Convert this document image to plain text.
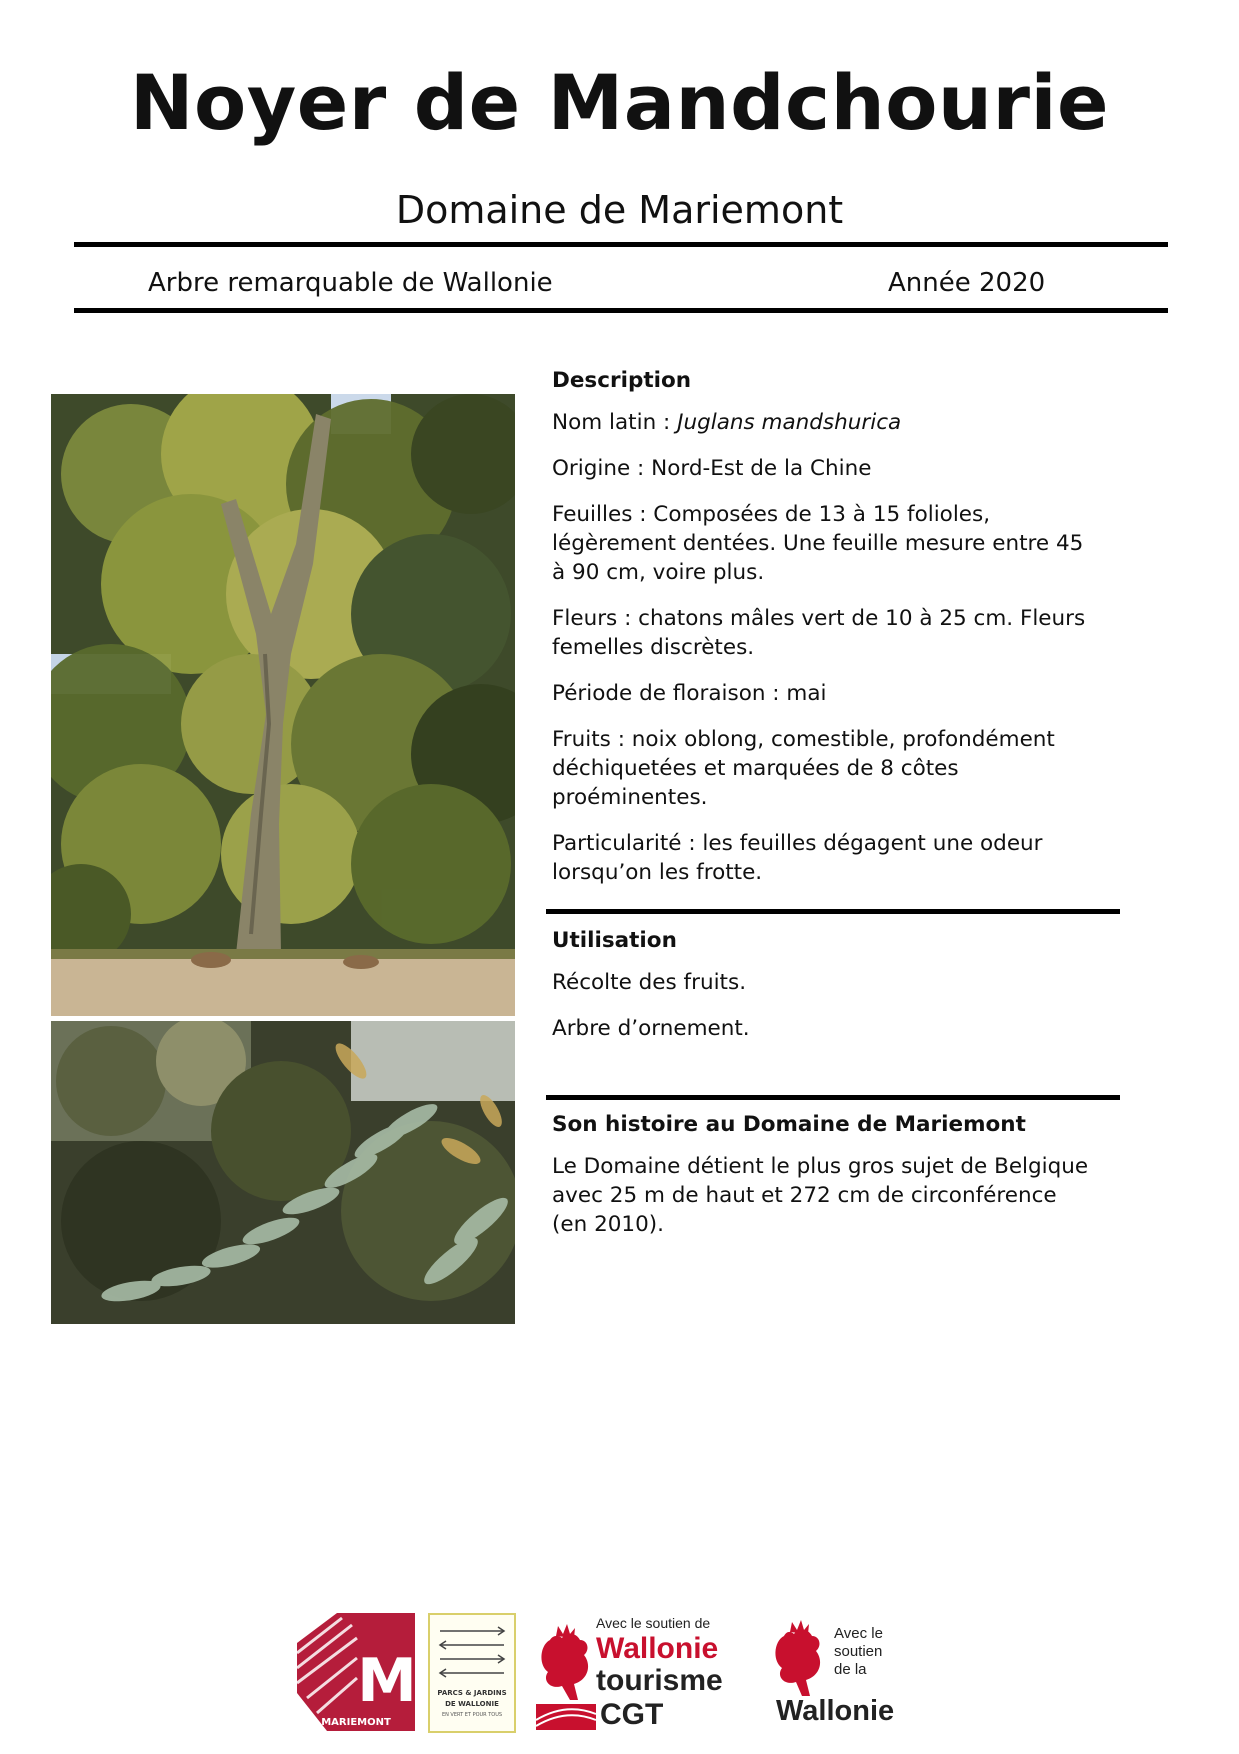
Noyer de Mandchourie
Domaine de Mariemont
Arbre remarquable de Wallonie	Année 2020
Description

Nom latin : Juglans mandshurica

Origine : Nord-Est de la Chine

Feuilles : Composées de 13 à 15 folioles, légèrement dentées. Une feuille mesure entre 45 à 90 cm, voire plus.

Fleurs : chatons mâles vert de 10 à 25 cm. Fleurs femelles discrètes.

Période de floraison : mai

Fruits : noix oblong, comestible, profondément déchiquetées et marquées de 8 côtes proéminentes.

Particularité : les feuilles dégagent une odeur lorsqu’on les frotte.

Utilisation

Récolte des fruits.

Arbre d’ornement.

Son histoire au Domaine de Mariemont

Le Domaine détient le plus gros sujet de Belgique avec 25 m de haut et 272 cm de circonférence (en 2010).

M
MARIEMONT
PARCS & JARDINS
DE WALLONIE
EN VERT ET POUR TOUS
Avec le soutien de
Wallonie
tourisme
CGT
Avec le
soutien
de la
Wallonie
